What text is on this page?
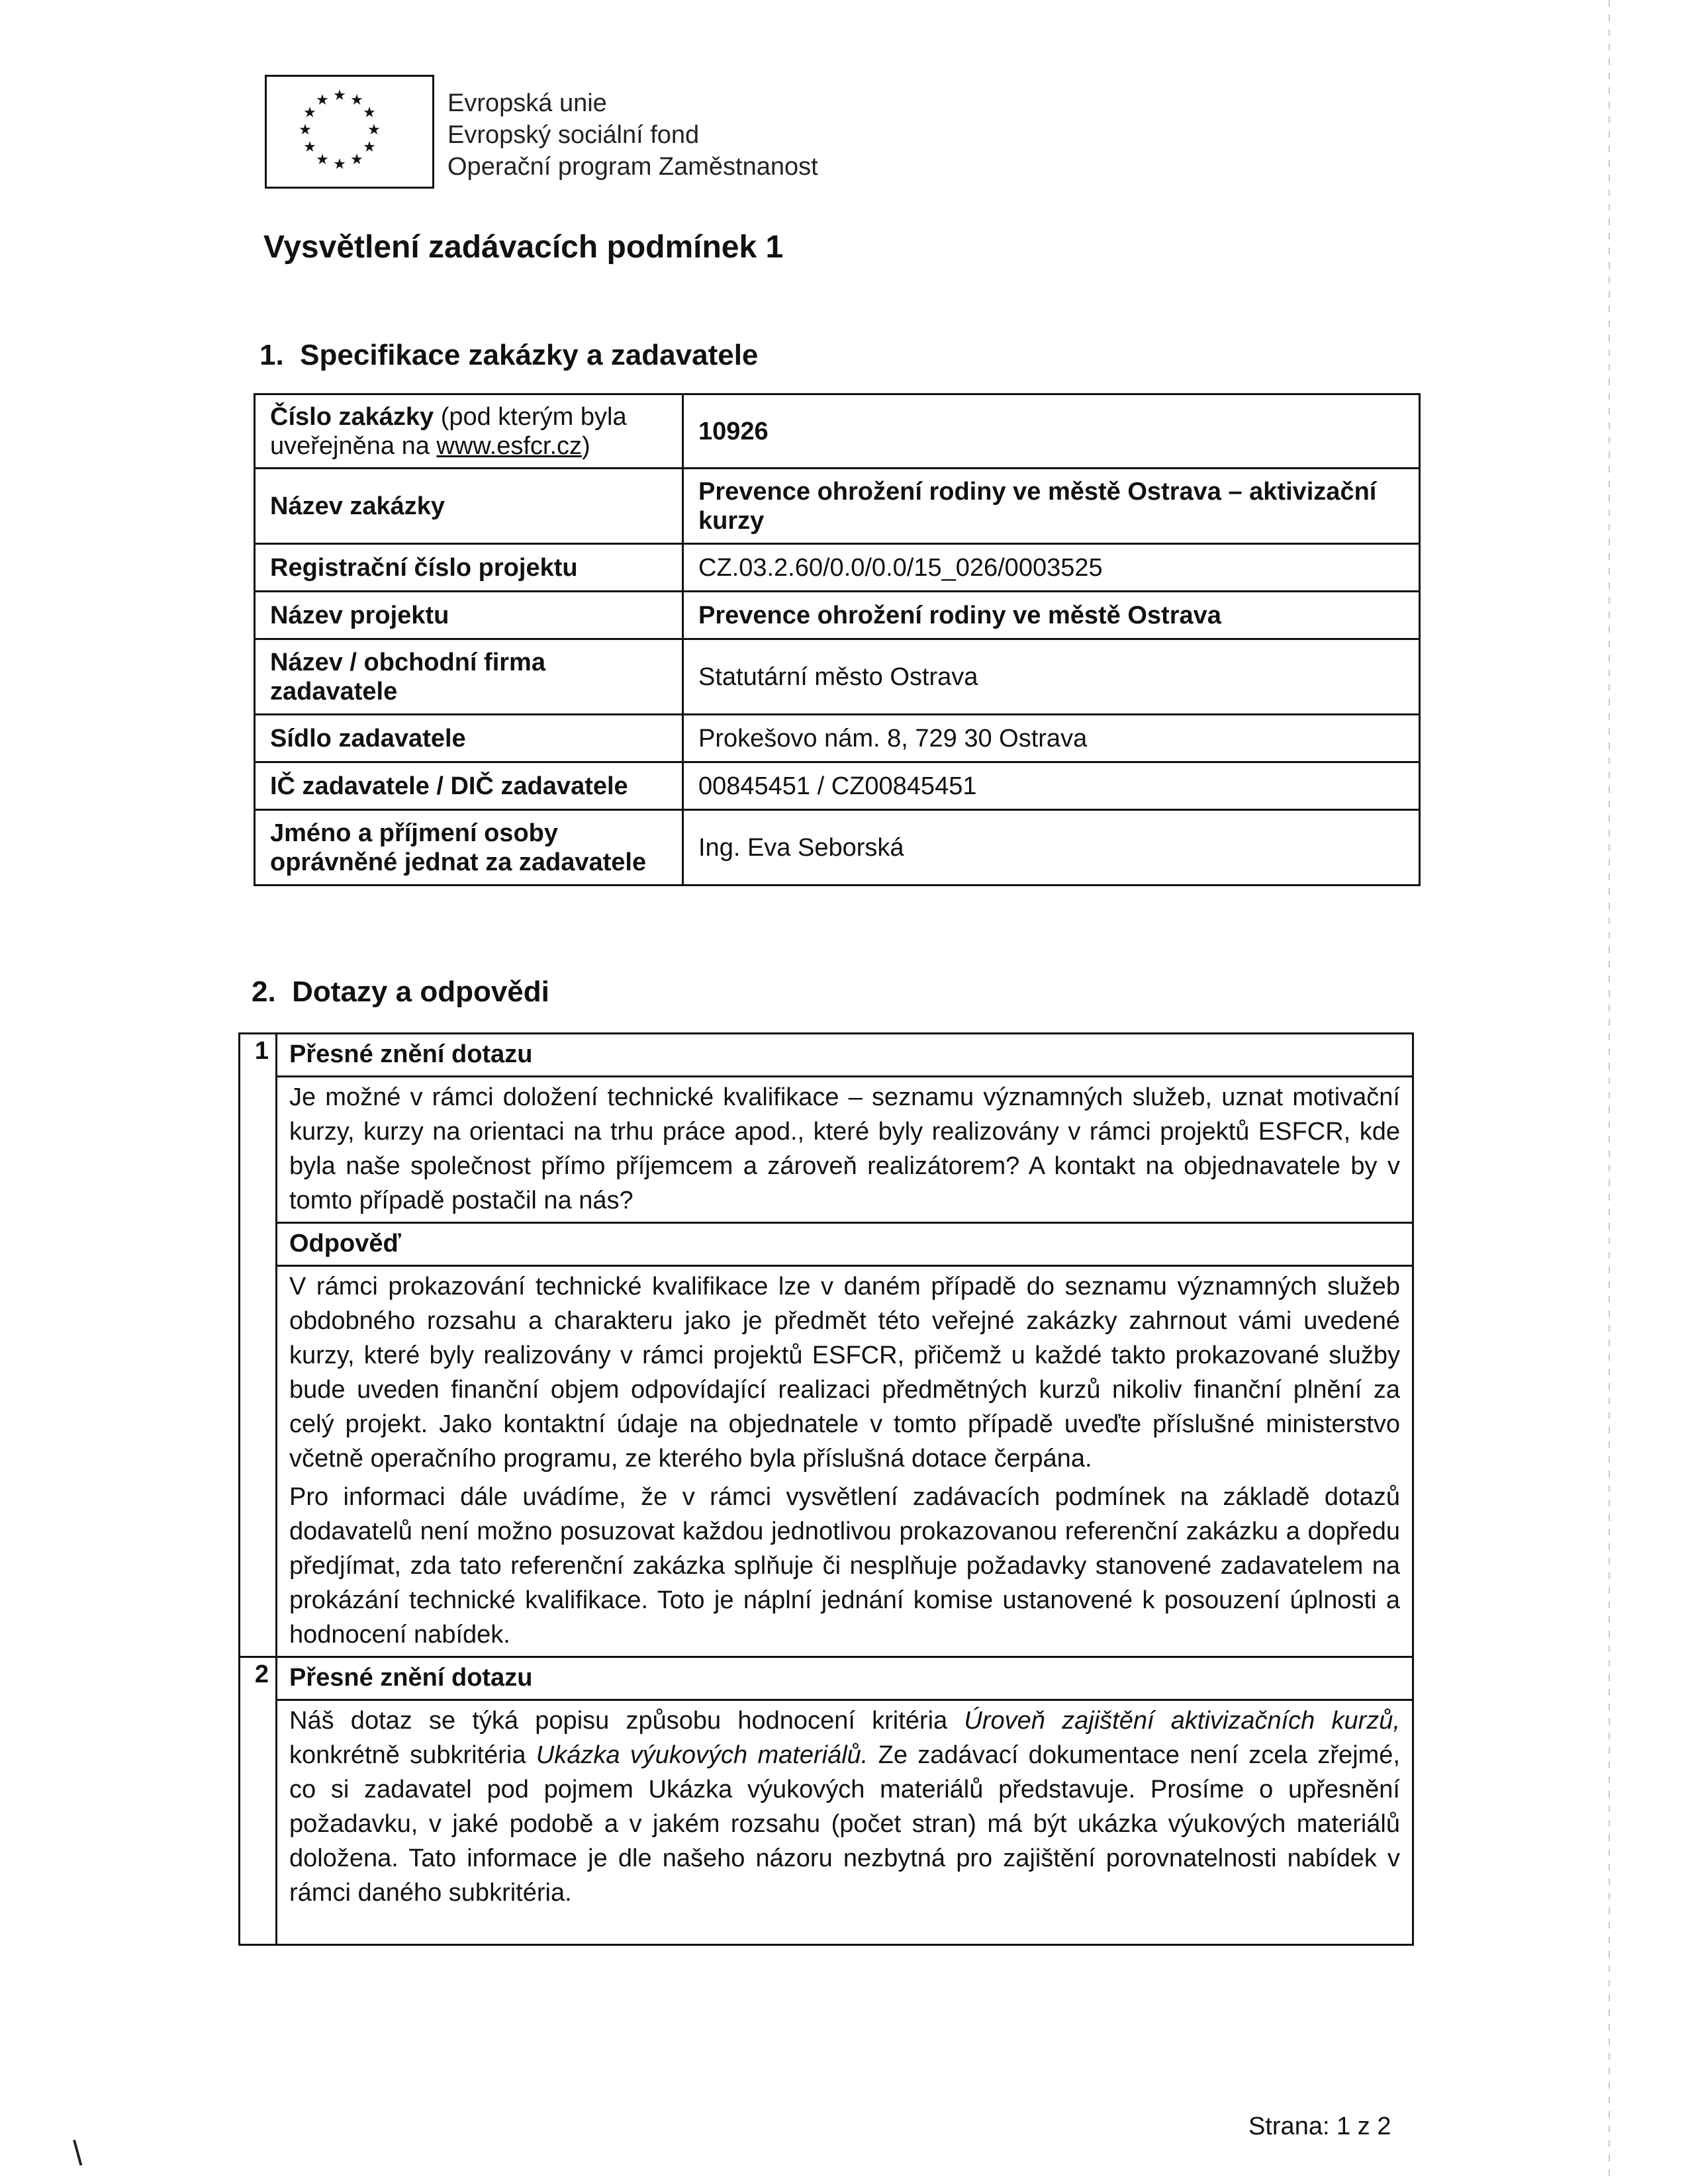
★ ★
★
★
★
★
★
★
★
★
★
★	Evropská unie
Evropský sociální fond
Operační program Zaměstnanost
Vysvětlení zadávacích podmínek 1
1. Specifikace zakázky a zadavatele
Číslo zakázky (pod kterým byla uveřejněna na www.esfcr.cz)	10926
Název zakázky	Prevence ohrožení rodiny ve městě Ostrava – aktivizační kurzy
Registrační číslo projektu	CZ.03.2.60/0.0/0.0/15_026/0003525
Název projektu	Prevence ohrožení rodiny ve městě Ostrava
Název / obchodní firma zadavatele	Statutární město Ostrava
Sídlo zadavatele	Prokešovo nám. 8, 729 30 Ostrava
IČ zadavatele / DIČ zadavatele	00845451 / CZ00845451
Jméno a příjmení osoby oprávněné jednat za zadavatele	Ing. Eva Seborská
2. Dotazy a odpovědi
1	Přesné znění dotazu

	Je možné v rámci doložení technické kvalifikace – seznamu významných služeb, uznat motivační kurzy, kurzy na orientaci na trhu práce apod., které byly realizovány v rámci projektů ESFCR, kde byla naše společnost přímo příjemcem a zároveň realizátorem? A kontakt na objednavatele by v tomto případě postačil na nás?

	Odpověď

	V rámci prokazování technické kvalifikace lze v daném případě do seznamu významných služeb obdobného rozsahu a charakteru jako je předmět této veřejné zakázky zahrnout vámi uvedené kurzy, které byly realizovány v rámci projektů ESFCR, přičemž u každé takto prokazované služby bude uveden finanční objem odpovídající realizaci předmětných kurzů nikoliv finanční plnění za celý projekt. Jako kontaktní údaje na objednatele v tomto případě uveďte příslušné ministerstvo včetně operačního programu, ze kterého byla příslušná dotace čerpána.

Pro informaci dále uvádíme, že v rámci vysvětlení zadávacích podmínek na základě dotazů dodavatelů není možno posuzovat každou jednotlivou prokazovanou referenční zakázku a dopředu předjímat, zda tato referenční zakázka splňuje či nesplňuje požadavky stanovené zadavatelem na prokázání technické kvalifikace. Toto je náplní jednání komise ustanovené k posouzení úplnosti a hodnocení nabídek.

2	Přesné znění dotazu

	Náš dotaz se týká popisu způsobu hodnocení kritéria Úroveň zajištění aktivizačních kurzů, konkrétně subkritéria Ukázka výukových materiálů. Ze zadávací dokumentace není zcela zřejmé, co si zadavatel pod pojmem Ukázka výukových materiálů představuje. Prosíme o upřesnění požadavku, v jaké podobě a v jakém rozsahu (počet stran) má být ukázka výukových materiálů doložena. Tato informace je dle našeho názoru nezbytná pro zajištění porovnatelnosti nabídek v rámci daného subkritéria.
Strana: 1 z 2
\
